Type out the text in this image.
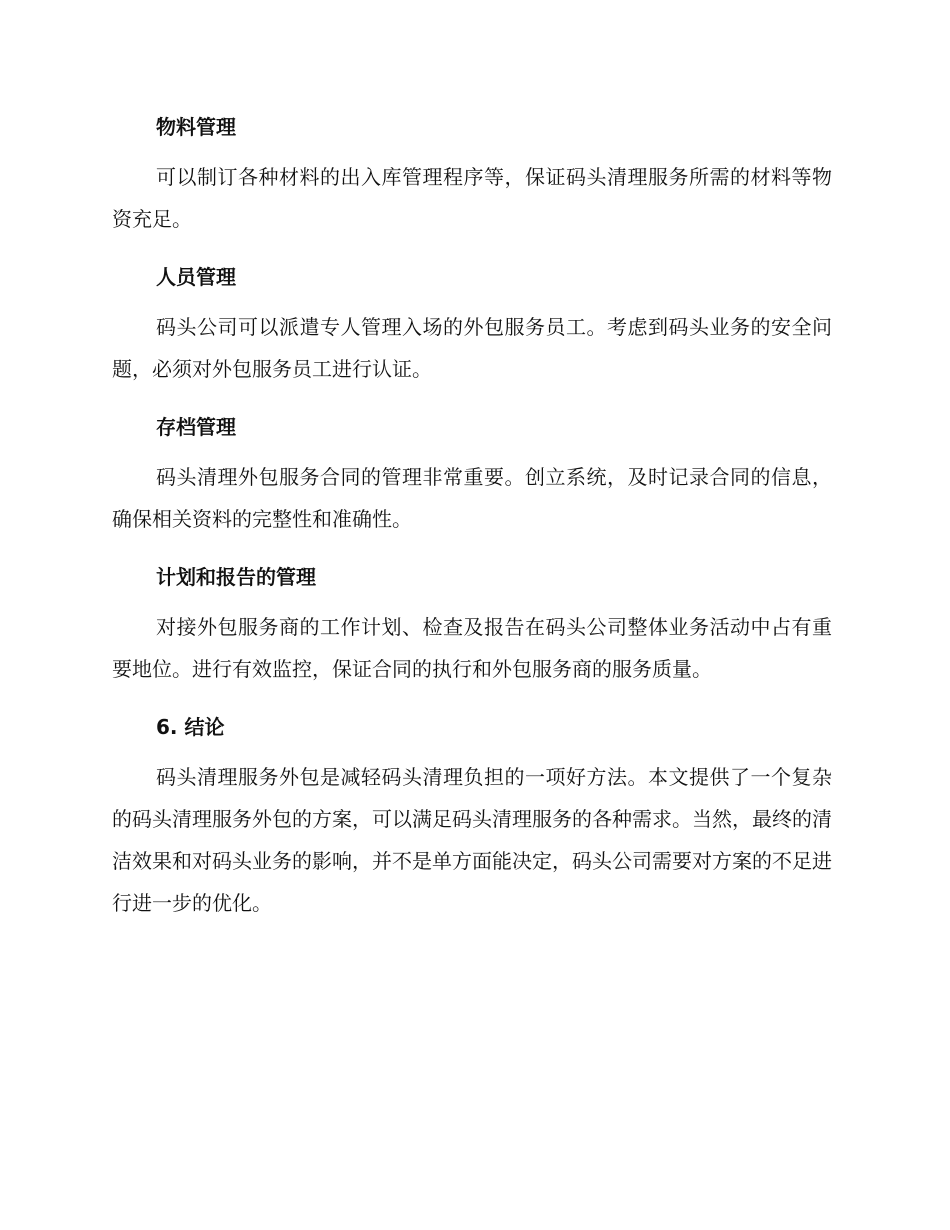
物料管理

可以制订各种材料的出入库管理程序等，保证码头清理服务所需的材料等物资充足。

人员管理

码头公司可以派遣专人管理入场的外包服务员工。考虑到码头业务的安全问题，必须对外包服务员工进行认证。

存档管理

码头清理外包服务合同的管理非常重要。创立系统，及时记录合同的信息，确保相关资料的完整性和准确性。

计划和报告的管理

对接外包服务商的工作计划、检查及报告在码头公司整体业务活动中占有重要地位。进行有效监控，保证合同的执行和外包服务商的服务质量。

6. 结论

码头清理服务外包是减轻码头清理负担的一项好方法。本文提供了一个复杂的码头清理服务外包的方案，可以满足码头清理服务的各种需求。当然，最终的清洁效果和对码头业务的影响，并不是单方面能决定，码头公司需要对方案的不足进行进一步的优化。
